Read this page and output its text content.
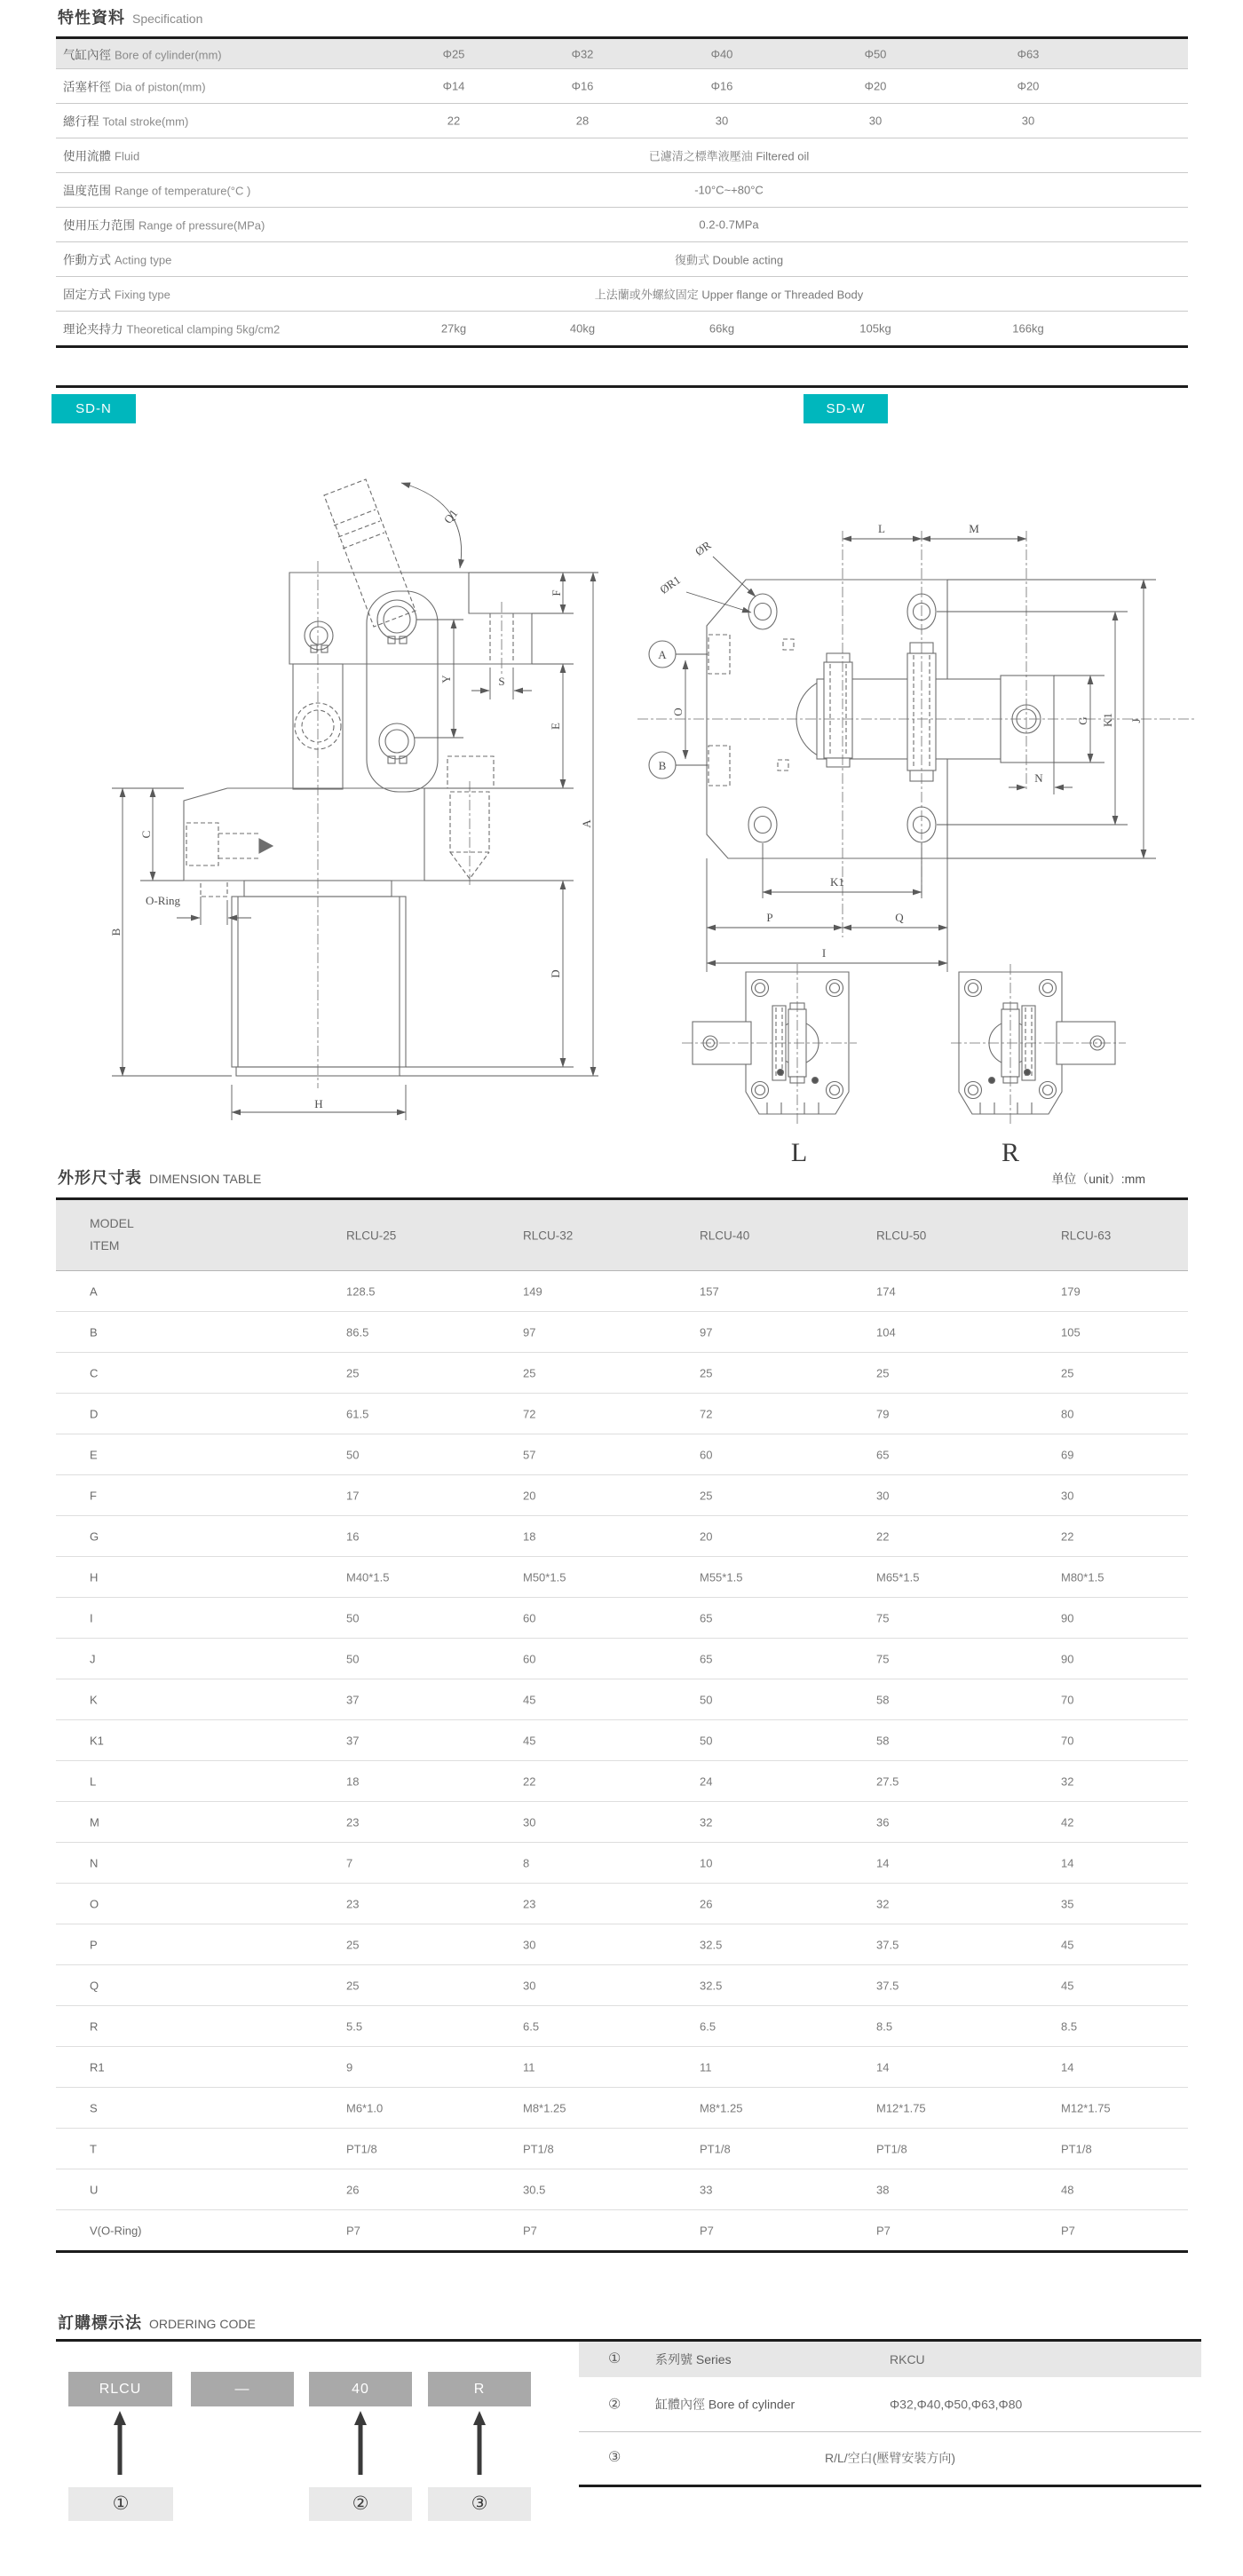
特性資料 Specification
气缸內徑 Bore of cylinder(mm)	Φ25	Φ32	Φ40	Φ50	Φ63
活塞杆徑 Dia of piston(mm)	Φ14	Φ16	Φ16	Φ20	Φ20
總行程 Total stroke(mm)	22	28	30	30	30
使用流體 Fluid	已濾清之標準液壓油 Filtered oil
温度范围 Range of temperature(°C )	-10°C~+80°C
使用压力范围 Range of pressure(MPa)	0.2-0.7MPa
作動方式 Acting type	復動式 Double acting
固定方式 Fixing type	上法蘭或外螺紋固定 Upper flange or Threaded Body
理论夹持力 Theoretical clamping 5kg/cm2	27kg	40kg	66kg	105kg	166kg
SD-N	SD-W
Q1
F
E
D
A
C
B
Y	S
O-Ring
H
ØR
ØR1
A
B
O
L	M
G K1 J
N
K1
P	Q
I
L	R
外形尺寸表 DIMENSION TABLE	单位（unit）:mm
MODEL
ITEM
RLCU-25	RLCU-32	RLCU-40	RLCU-50	RLCU-63
A	128.5	149	157	174	179
B	86.5	97	97	104	105
C	25	25	25	25	25
D	61.5	72	72	79	80
E	50	57	60	65	69
F	17	20	25	30	30
G	16	18	20	22	22
H	M40*1.5	M50*1.5	M55*1.5	M65*1.5	M80*1.5
I	50	60	65	75	90
J	50	60	65	75	90
K	37	45	50	58	70
K1	37	45	50	58	70
L	18	22	24	27.5	32
M	23	30	32	36	42
N	7	8	10	14	14
O	23	23	26	32	35
P	25	30	32.5	37.5	45
Q	25	30	32.5	37.5	45
R	5.5	6.5	6.5	8.5	8.5
R1	9	11	11	14	14
S	M6*1.0	M8*1.25	M8*1.25	M12*1.75	M12*1.75
T	PT1/8	PT1/8	PT1/8	PT1/8	PT1/8
U	26	30.5	33	38	48
V(O-Ring)	P7	P7	P7	P7	P7
訂購標示法 ORDERING CODE
RLCU	—	40	R
①	②	③
①	系列號 Series	RKCU
②	缸體內徑 Bore of cylinder	Φ32,Φ40,Φ50,Φ63,Φ80
③	R/L/空白(壓臂安裝方向)
